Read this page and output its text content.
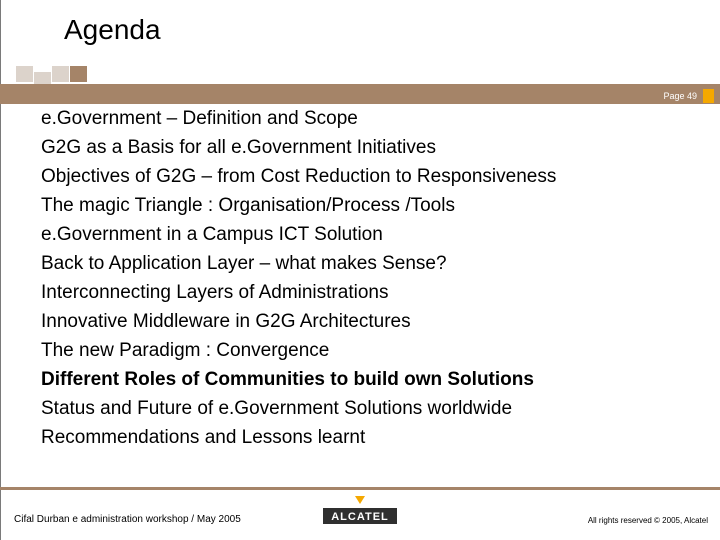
Agenda
Page 49
e.Government – Definition and Scope
G2G as a Basis for all e.Government Initiatives
Objectives of G2G – from Cost Reduction to Responsiveness
The magic Triangle : Organisation/Process /Tools
e.Government in a Campus ICT Solution
Back to Application Layer – what makes Sense?
Interconnecting Layers of Administrations
Innovative Middleware in G2G Architectures
The new Paradigm : Convergence
Different Roles of Communities to build own Solutions
Status and Future of e.Government Solutions worldwide
Recommendations and Lessons learnt
ALCATEL
Cifal Durban e administration workshop / May 2005	All rights reserved © 2005, Alcatel
